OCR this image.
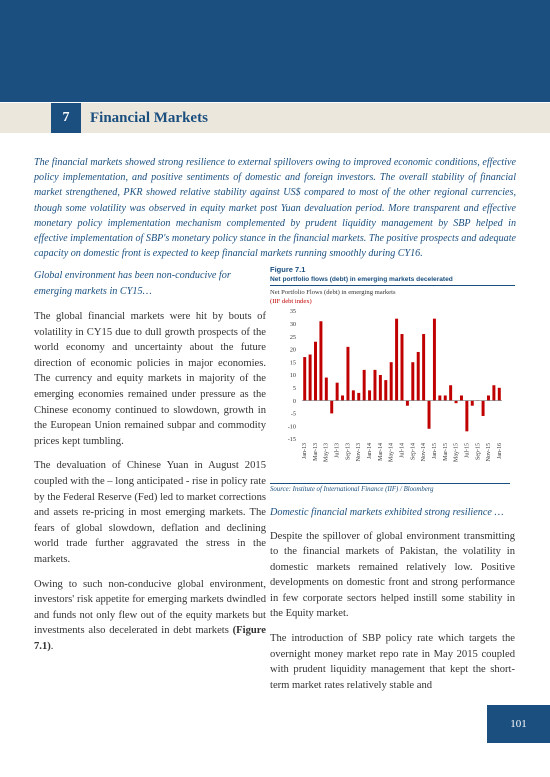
7	Financial Markets

The financial markets showed strong resilience to external spillovers owing to improved economic conditions, effective policy implementation, and positive sentiments of domestic and foreign investors. The overall stability of financial market strengthened, PKR showed relative stability against US$ compared to most of the other regional currencies, though some volatility was observed in equity market post Yuan devaluation period. More transparent and effective monetary policy implementation mechanism complemented by prudent liquidity management by SBP helped in effective implementation of SBP's monetary policy stance in the financial markets. The positive prospects and adequate capacity on domestic front is expected to keep financial markets running smoothly during CY16.

Global environment has been non-conducive for emerging markets in CY15…

The global financial markets were hit by bouts of volatility in CY15 due to dull growth prospects of the world economy and uncertainty about the future direction of economic policies in major economies. The currency and equity markets in majority of the emerging economies remained under pressure as the Chinese economy continued to slowdown, growth in the European Union remained subpar and commodity prices kept tumbling.

The devaluation of Chinese Yuan in August 2015 coupled with the – long anticipated - rise in policy rate by the Federal Reserve (Fed) led to market corrections and assets re-pricing in most emerging markets. The fears of global slowdown, deflation and declining world trade further aggravated the stress in the markets.

Owing to such non-conducive global environment, investors' risk appetite for emerging markets dwindled and funds not only flew out of the equity markets but investments also decelerated in debt markets (Figure 7.1).

Figure 7.1

Net portfolio flows (debt) in emerging markets decelerated

Net Portfolio Flows (debt) in emerging markets

(IIF debt index)

35
30
25
20
15
10
5
0
-5
-10
-15
Jan-13 Mar-13 May-13 Jul-13 Sep-13 Nov-13 Jan-14 Mar-14 May-14 Jul-14 Sep-14 Nov-14 Jan-15 Mar-15 May-15 Jul-15 Sep-15 Nov-15 Jan-16
Source: Institute of International Finance (IIF) / Bloomberg

Domestic financial markets exhibited strong resilience …

Despite the spillover of global environment transmitting to the financial markets of Pakistan, the volatility in domestic markets remained relatively low. Positive developments on domestic front and strong performance in few corporate sectors helped instill some stability in the Equity market.

The introduction of SBP policy rate which targets the overnight money market repo rate in May 2015 coupled with prudent liquidity management that kept the short-term market rates relatively stable and

101
